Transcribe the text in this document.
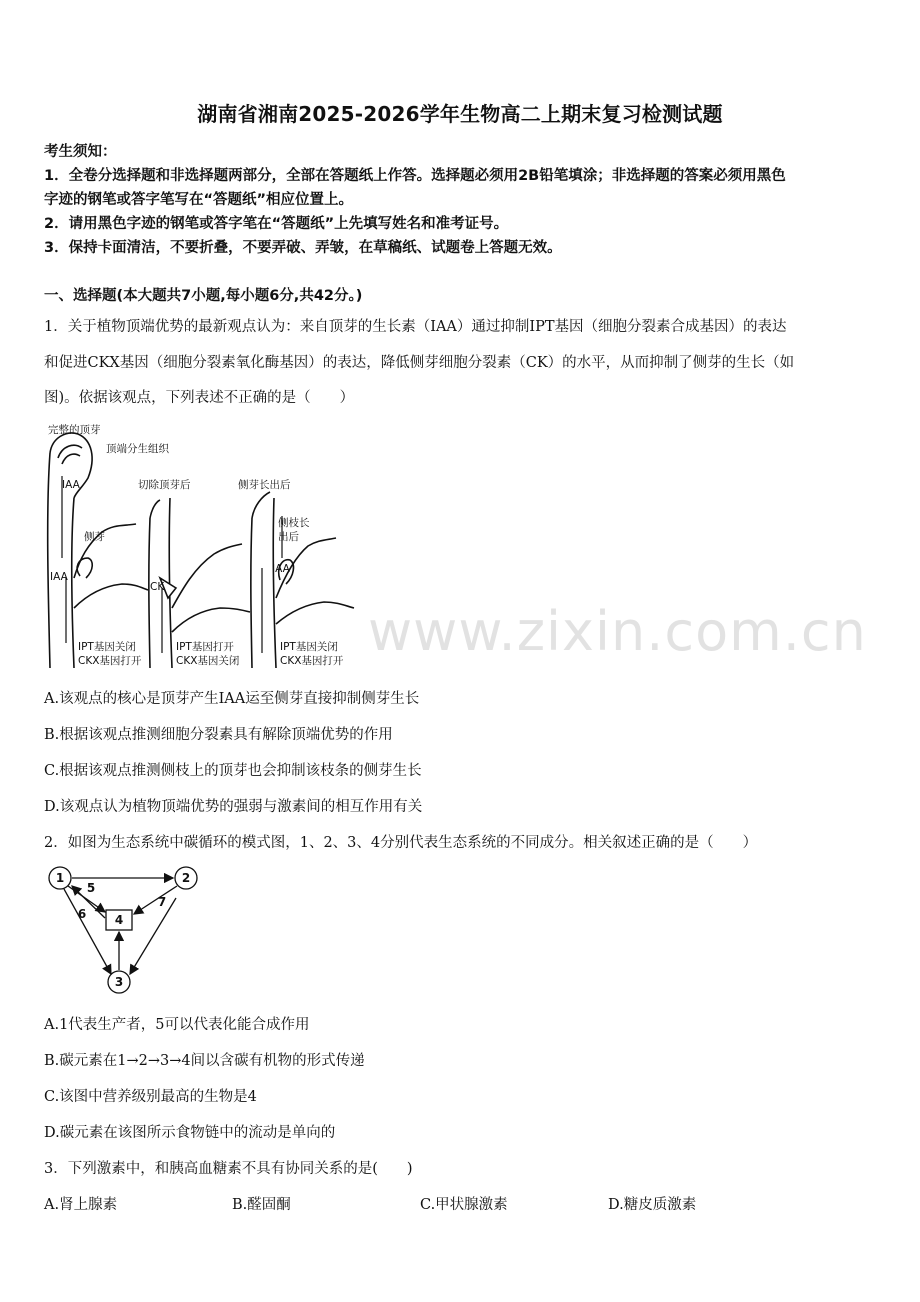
湖南省湘南2025-2026学年生物高二上期末复习检测试题
考生须知：
1．全卷分选择题和非选择题两部分，全部在答题纸上作答。选择题必须用2B铅笔填涂；非选择题的答案必须用黑色
字迹的钢笔或答字笔写在“答题纸”相应位置上。
2．请用黑色字迹的钢笔或答字笔在“答题纸”上先填写姓名和准考证号。
3．保持卡面清洁，不要折叠，不要弄破、弄皱，在草稿纸、试题卷上答题无效。
一、选择题(本大题共7小题,每小题6分,共42分。)
1．关于植物顶端优势的最新观点认为：来自顶芽的生长素（IAA）通过抑制IPT基因（细胞分裂素合成基因）的表达
和促进CKX基因（细胞分裂素氧化酶基因）的表达，降低侧芽细胞分裂素（CK）的水平，从而抑制了侧芽的生长（如
图)。依据该观点，下列表述不正确的是（　　）
完整的顶芽
顶端分生组织
IAA
侧芽
IAA
IPT基因关闭
CKX基因打开
切除顶芽后
CK
IPT基因打开
CKX基因关闭
侧芽长出后
侧枝长
出后
IAA
IPT基因关闭
CKX基因打开 www.zixin.com.cn
A.该观点的核心是顶芽产生IAA运至侧芽直接抑制侧芽生长
B.根据该观点推测细胞分裂素具有解除顶端优势的作用
C.根据该观点推测侧枝上的顶芽也会抑制该枝条的侧芽生长
D.该观点认为植物顶端优势的强弱与激素间的相互作用有关
2．如图为生态系统中碳循环的模式图，1、2、3、4分别代表生态系统的不同成分。相关叙述正确的是（　　）
1	2
3
4
5
6
7
A.1代表生产者，5可以代表化能合成作用
B.碳元素在1→2→3→4间以含碳有机物的形式传递
C.该图中营养级别最高的生物是4
D.碳元素在该图所示食物链中的流动是单向的
3．下列激素中，和胰高血糖素不具有协同关系的是(　　)
A.肾上腺素	B.醛固酮	C.甲状腺激素	D.糖皮质激素
